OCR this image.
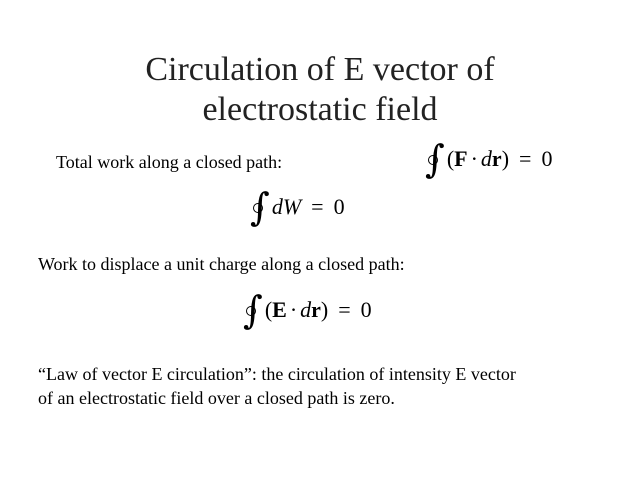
Circulation of E vector of
electrostatic field
Total work along a closed path:	∫ ( F · d r ) = 0
∫ dW = 0
Work to displace a unit charge along a closed path:
∫ ( E · d r ) = 0
“Law of vector E circulation”: the circulation of intensity E vector
of an electrostatic field over a closed path is zero.
